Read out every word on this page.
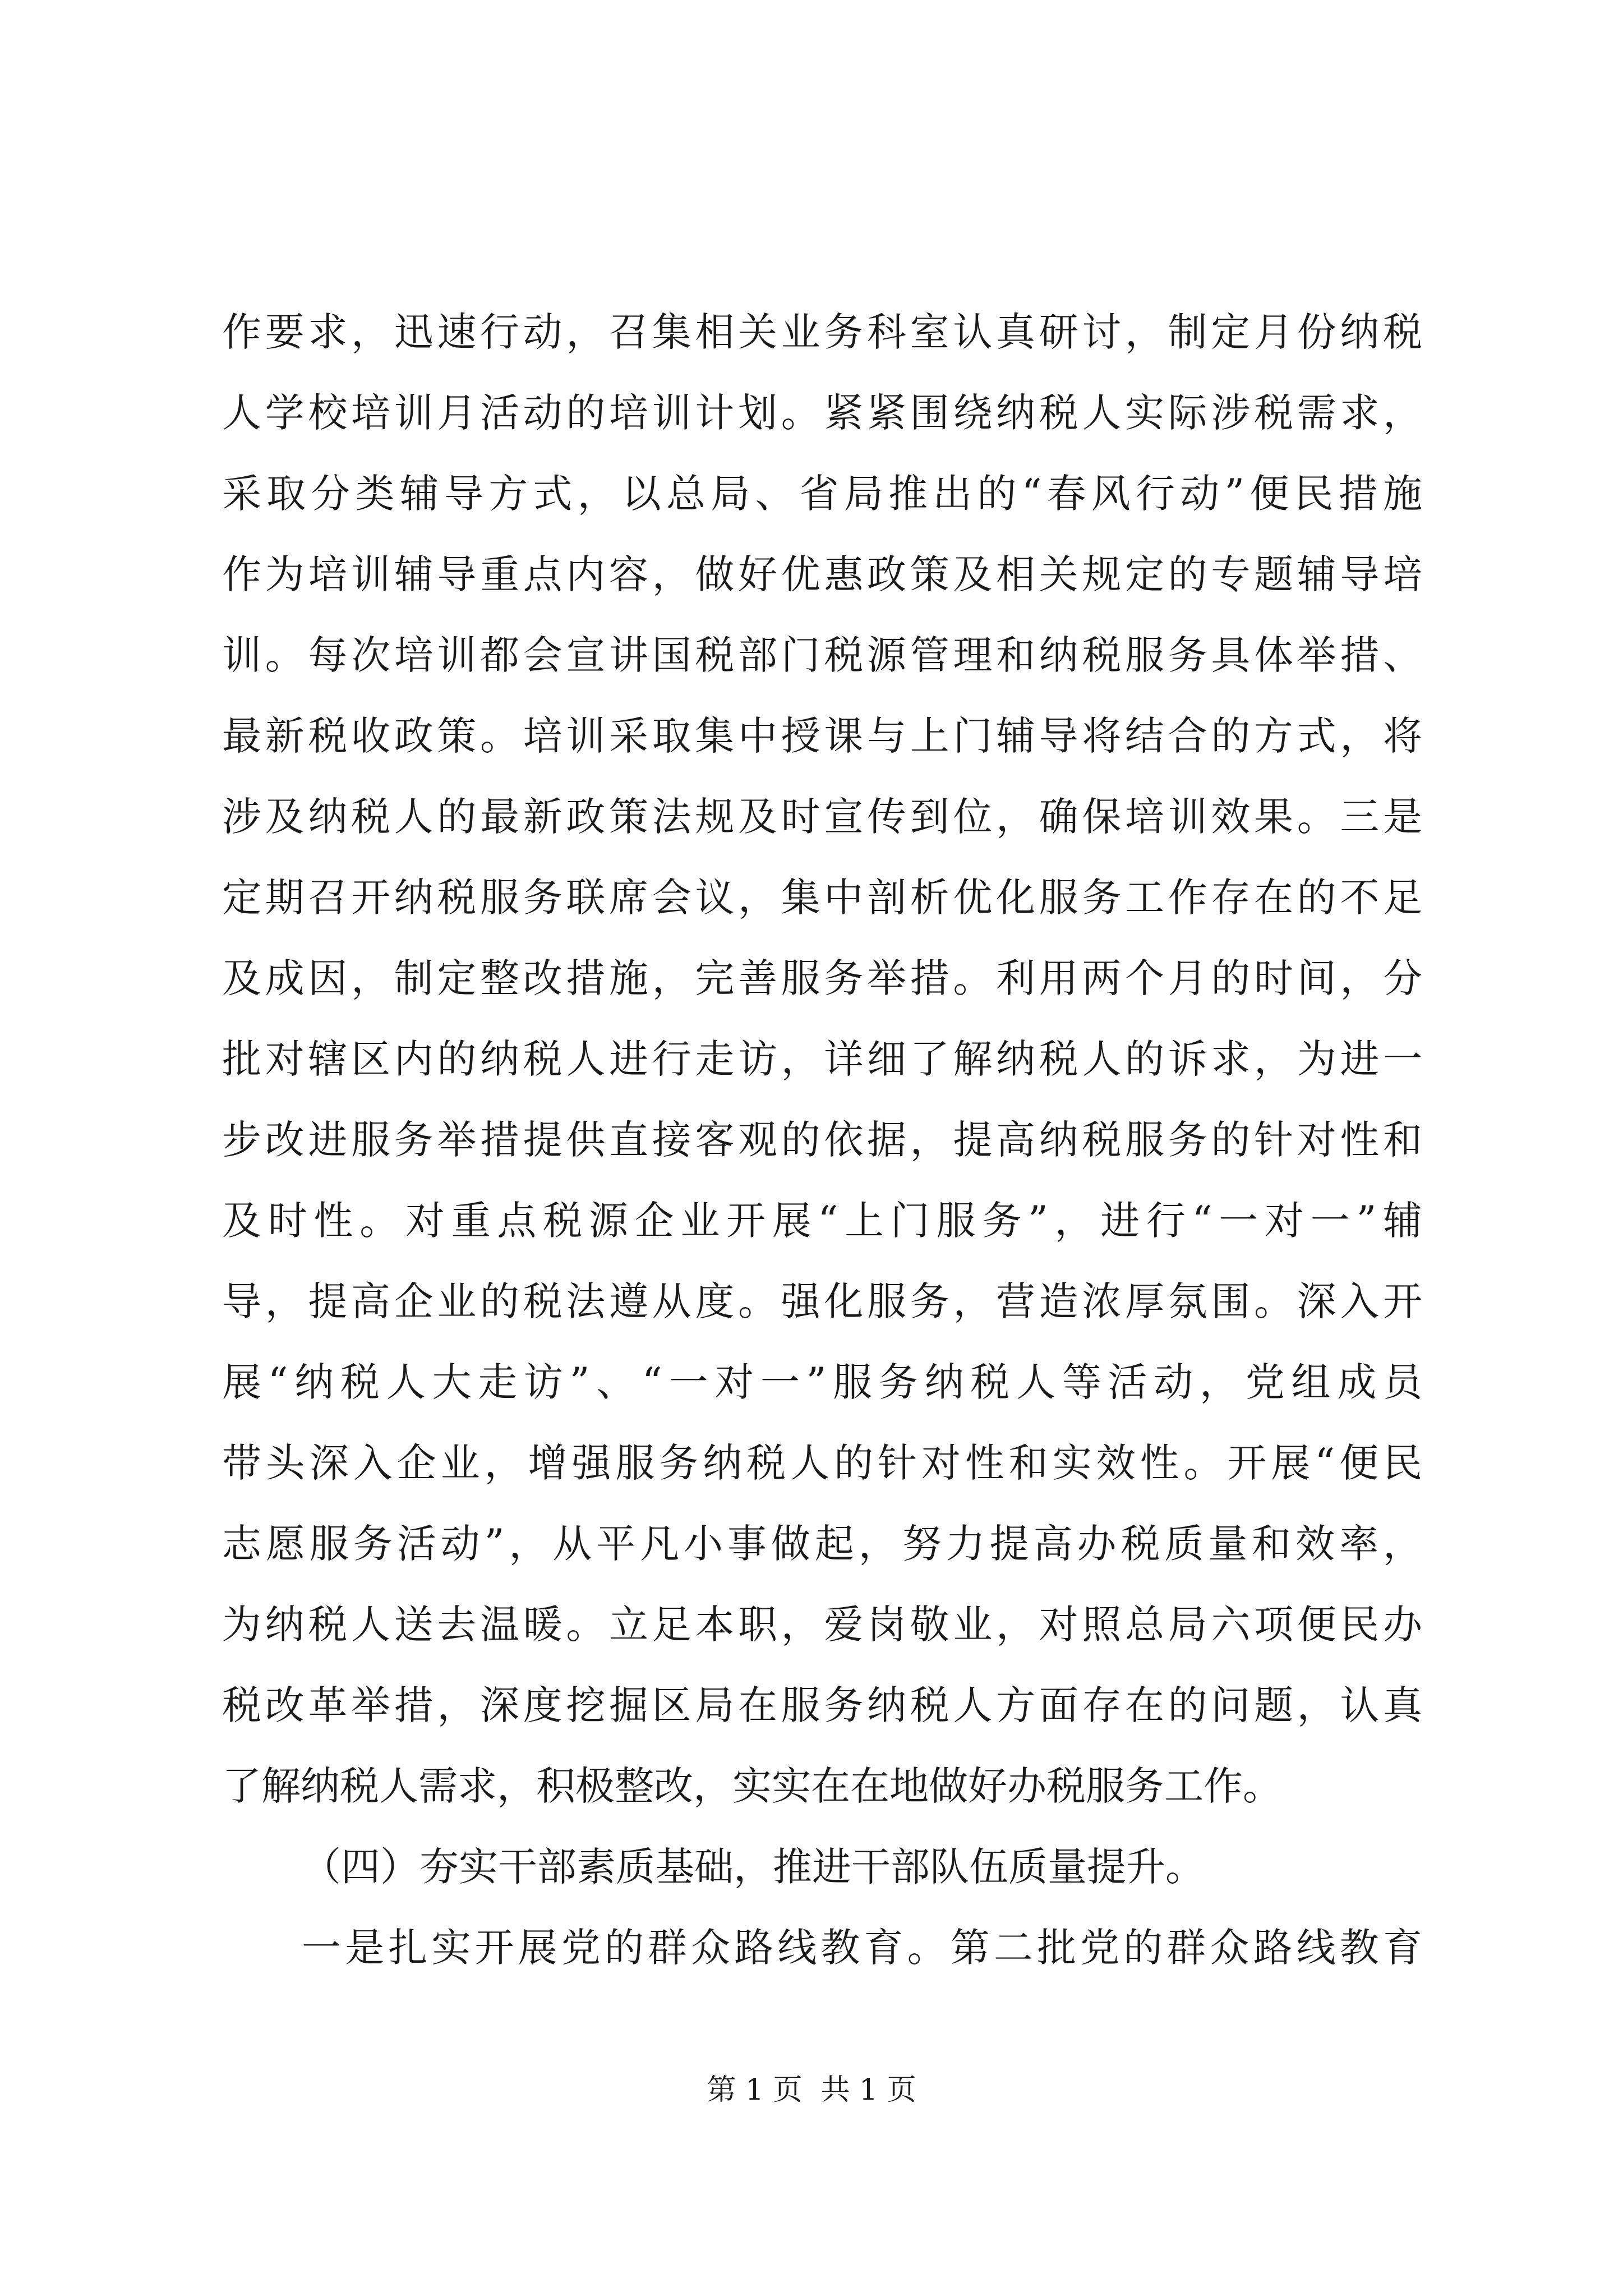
作要求，迅速行动，召集相关业务科室认真研讨，制定月份纳税
人学校培训月活动的培训计划。紧紧围绕纳税人实际涉税需求，
采取分类辅导方式，以总局、省局推出的“春风行动”便民措施
作为培训辅导重点内容，做好优惠政策及相关规定的专题辅导培
训。每次培训都会宣讲国税部门税源管理和纳税服务具体举措、
最新税收政策。培训采取集中授课与上门辅导将结合的方式，将
涉及纳税人的最新政策法规及时宣传到位，确保培训效果。三是
定期召开纳税服务联席会议，集中剖析优化服务工作存在的不足
及成因，制定整改措施，完善服务举措。利用两个月的时间，分
批对辖区内的纳税人进行走访，详细了解纳税人的诉求，为进一
步改进服务举措提供直接客观的依据，提高纳税服务的针对性和
及时性。对重点税源企业开展“上门服务”，进行“一对一”辅
导，提高企业的税法遵从度。强化服务，营造浓厚氛围。深入开
展“纳税人大走访”、“一对一”服务纳税人等活动，党组成员
带头深入企业，增强服务纳税人的针对性和实效性。开展“便民
志愿服务活动”，从平凡小事做起，努力提高办税质量和效率，
为纳税人送去温暖。立足本职，爱岗敬业，对照总局六项便民办
税改革举措，深度挖掘区局在服务纳税人方面存在的问题，认真
了解纳税人需求，积极整改，实实在在地做好办税服务工作。
（四）夯实干部素质基础，推进干部队伍质量提升。
一是扎实开展党的群众路线教育。第二批党的群众路线教育
第 1 页  共 1 页
